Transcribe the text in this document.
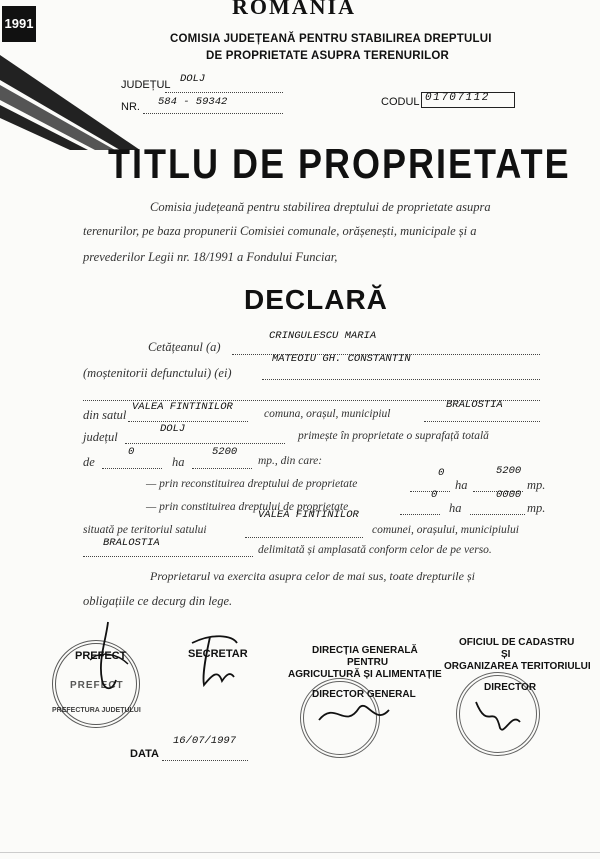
1991
ROMANIA
COMISIA JUDEȚEANĂ PENTRU STABILIREA DREPTULUI
DE PROPRIETATE ASUPRA TERENURILOR
JUDEȚUL DOLJ
NR. 584 - 59342	CODUL 01707112
TITLU DE PROPRIETATE
Comisia județeană pentru stabilirea dreptului de proprietate asupra
terenurilor, pe baza propunerii Comisiei comunale, orășenești, municipale și a
prevederilor Legii nr. 18/1991 a Fondului Funciar,
DECLARĂ
Cetățeanul (a)
CRINGULESCU MARIA
(moștenitorii defunctului) (ei)
MATEOIU GH. CONSTANTIN
din satul
VALEA FINTINILOR
comuna, orașul, municipiul
BRALOSTIA
județul
DOLJ
primește în proprietate o suprafață totală
de
0
ha
5200
mp., din care:
— prin reconstituirea dreptului de proprietate
0
ha
5200
mp.
— prin constituirea dreptului de proprietate
0
ha
0000
mp.
situată pe teritoriul satului
VALEA FINTINILOR
comunei, orașului, municipiului
BRALOSTIA
delimitată și amplasată conform celor de pe verso.
Proprietarul va exercita asupra celor de mai sus, toate drepturile și
obligațiile ce decurg din lege.
PREFECT
PREFECT
PREFECTURA JUDEȚULUI
SECRETAR	DIRECȚIA GENERALĂ
PENTRU
AGRICULTURĂ ȘI ALIMENTAȚIE
DIRECTOR GENERAL
OFICIUL DE CADASTRU
ȘI
ORGANIZAREA TERITORIULUI
DIRECTOR
DATA
16/07/1997
